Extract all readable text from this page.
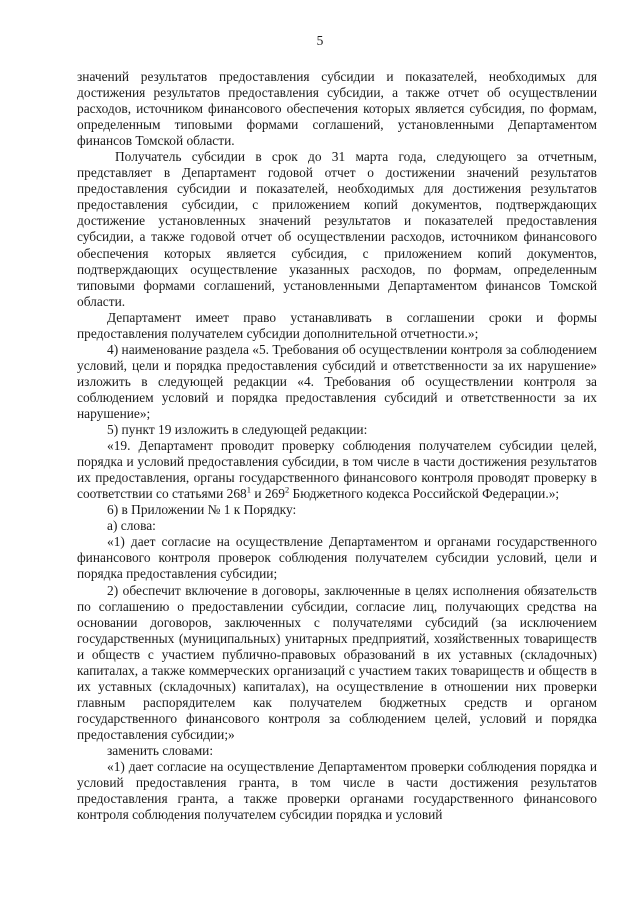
5

значений результатов предоставления субсидии и показателей, необходимых для достижения результатов предоставления субсидии, а также отчет об осуществлении расходов, источником финансового обеспечения которых является субсидия, по формам, определенным типовыми формами соглашений, установленными Департаментом финансов Томской области.

Получатель субсидии в срок до 31 марта года, следующего за отчетным, представляет в Департамент годовой отчет о достижении значений результатов предоставления субсидии и показателей, необходимых для достижения результатов предоставления субсидии, с приложением копий документов, подтверждающих достижение установленных значений результатов и показателей предоставления субсидии, а также годовой отчет об осуществлении расходов, источником финансового обеспечения которых является субсидия, с приложением копий документов, подтверждающих осуществление указанных расходов, по формам, определенным типовыми формами соглашений, установленными Департаментом финансов Томской области.

Департамент имеет право устанавливать в соглашении сроки и формы предоставления получателем субсидии дополнительной отчетности.»;

4) наименование раздела «5. Требования об осуществлении контроля за соблюдением условий, цели и порядка предоставления субсидий и ответственности за их нарушение» изложить в следующей редакции «4. Требования об осуществлении контроля за соблюдением условий и порядка предоставления субсидий и ответственности за их нарушение»;

5) пункт 19 изложить в следующей редакции:

«19. Департамент проводит проверку соблюдения получателем субсидии целей, порядка и условий предоставления субсидии, в том числе в части достижения результатов их предоставления, органы государственного финансового контроля проводят проверку в соответствии со статьями $268^1$ и $269^2$ Бюджетного кодекса Российской Федерации.»;

6) в Приложении № 1 к Порядку:

а) слова:

«1) дает согласие на осуществление Департаментом и органами государственного финансового контроля проверок соблюдения получателем субсидии условий, цели и порядка предоставления субсидии;

2) обеспечит включение в договоры, заключенные в целях исполнения обязательств по соглашению о предоставлении субсидии, согласие лиц, получающих средства на основании договоров, заключенных с получателями субсидий (за исключением государственных (муниципальных) унитарных предприятий, хозяйственных товариществ и обществ с участием публично-правовых образований в их уставных (складочных) капиталах, а также коммерческих организаций с участием таких товариществ и обществ в их уставных (складочных) капиталах), на осуществление в отношении них проверки главным распорядителем как получателем бюджетных средств и органом государственного финансового контроля за соблюдением целей, условий и порядка предоставления субсидии;»

заменить словами:

«1) дает согласие на осуществление Департаментом проверки соблюдения порядка и условий предоставления гранта, в том числе в части достижения результатов предоставления гранта, а также проверки органами государственного финансового контроля соблюдения получателем субсидии порядка и условий
